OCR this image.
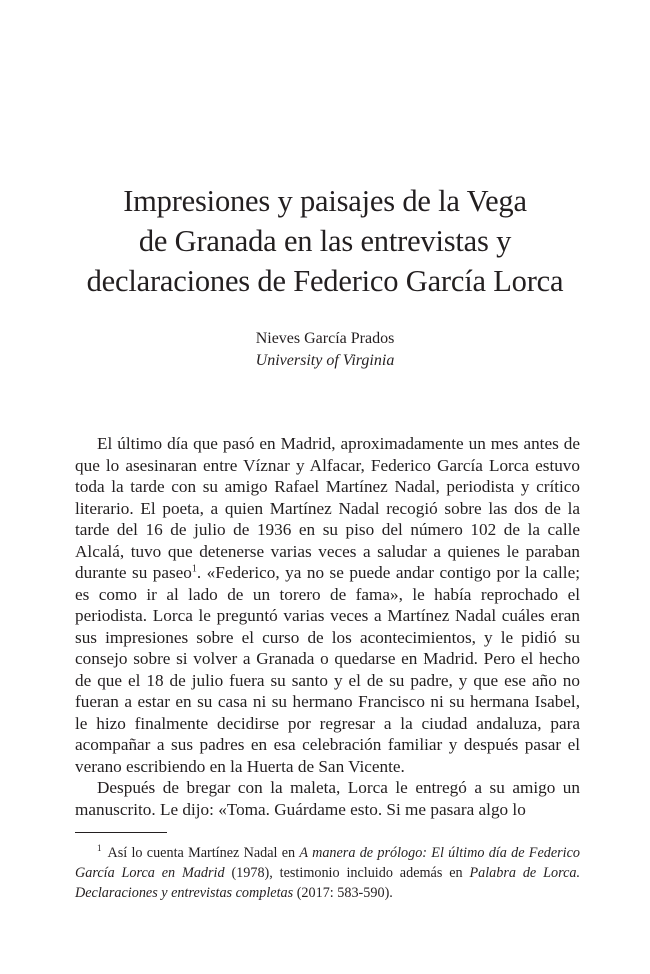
Impresiones y paisajes de la Vega
de Granada en las entrevistas y
declaraciones de Federico García Lorca
Nieves García Prados
University of Virginia

El último día que pasó en Madrid, aproximadamente un mes antes de que lo asesinaran entre Víznar y Alfacar, Federico García Lorca estuvo toda la tarde con su amigo Rafael Martínez Nadal, periodista y crítico literario. El poeta, a quien Martínez Nadal recogió sobre las dos de la tarde del 16 de julio de 1936 en su piso del número 102 de la calle Alcalá, tuvo que detenerse varias veces a saludar a quienes le paraban durante su paseo$^1$. «Federico, ya no se puede andar contigo por la calle; es como ir al lado de un torero de fama», le había reprochado el periodista. Lorca le preguntó varias veces a Martínez Nadal cuáles eran sus impresiones sobre el curso de los acontecimientos, y le pidió su consejo sobre si volver a Granada o quedarse en Madrid. Pero el hecho de que el 18 de julio fuera su santo y el de su padre, y que ese año no fueran a estar en su casa ni su hermano Francisco ni su hermana Isabel, le hizo finalmente decidirse por regresar a la ciudad andaluza, para acompañar a sus padres en esa celebración familiar y después pasar el verano escribiendo en la Huerta de San Vicente.

Después de bregar con la maleta, Lorca le entregó a su amigo un manuscrito. Le dijo: «Toma. Guárdame esto. Si me pasara algo lo

$^1$ Así lo cuenta Martínez Nadal en A manera de prólogo: El último día de Federico García Lorca en Madrid (1978), testimonio incluido además en Palabra de Lorca. Declaraciones y entrevistas completas (2017: 583-590).
